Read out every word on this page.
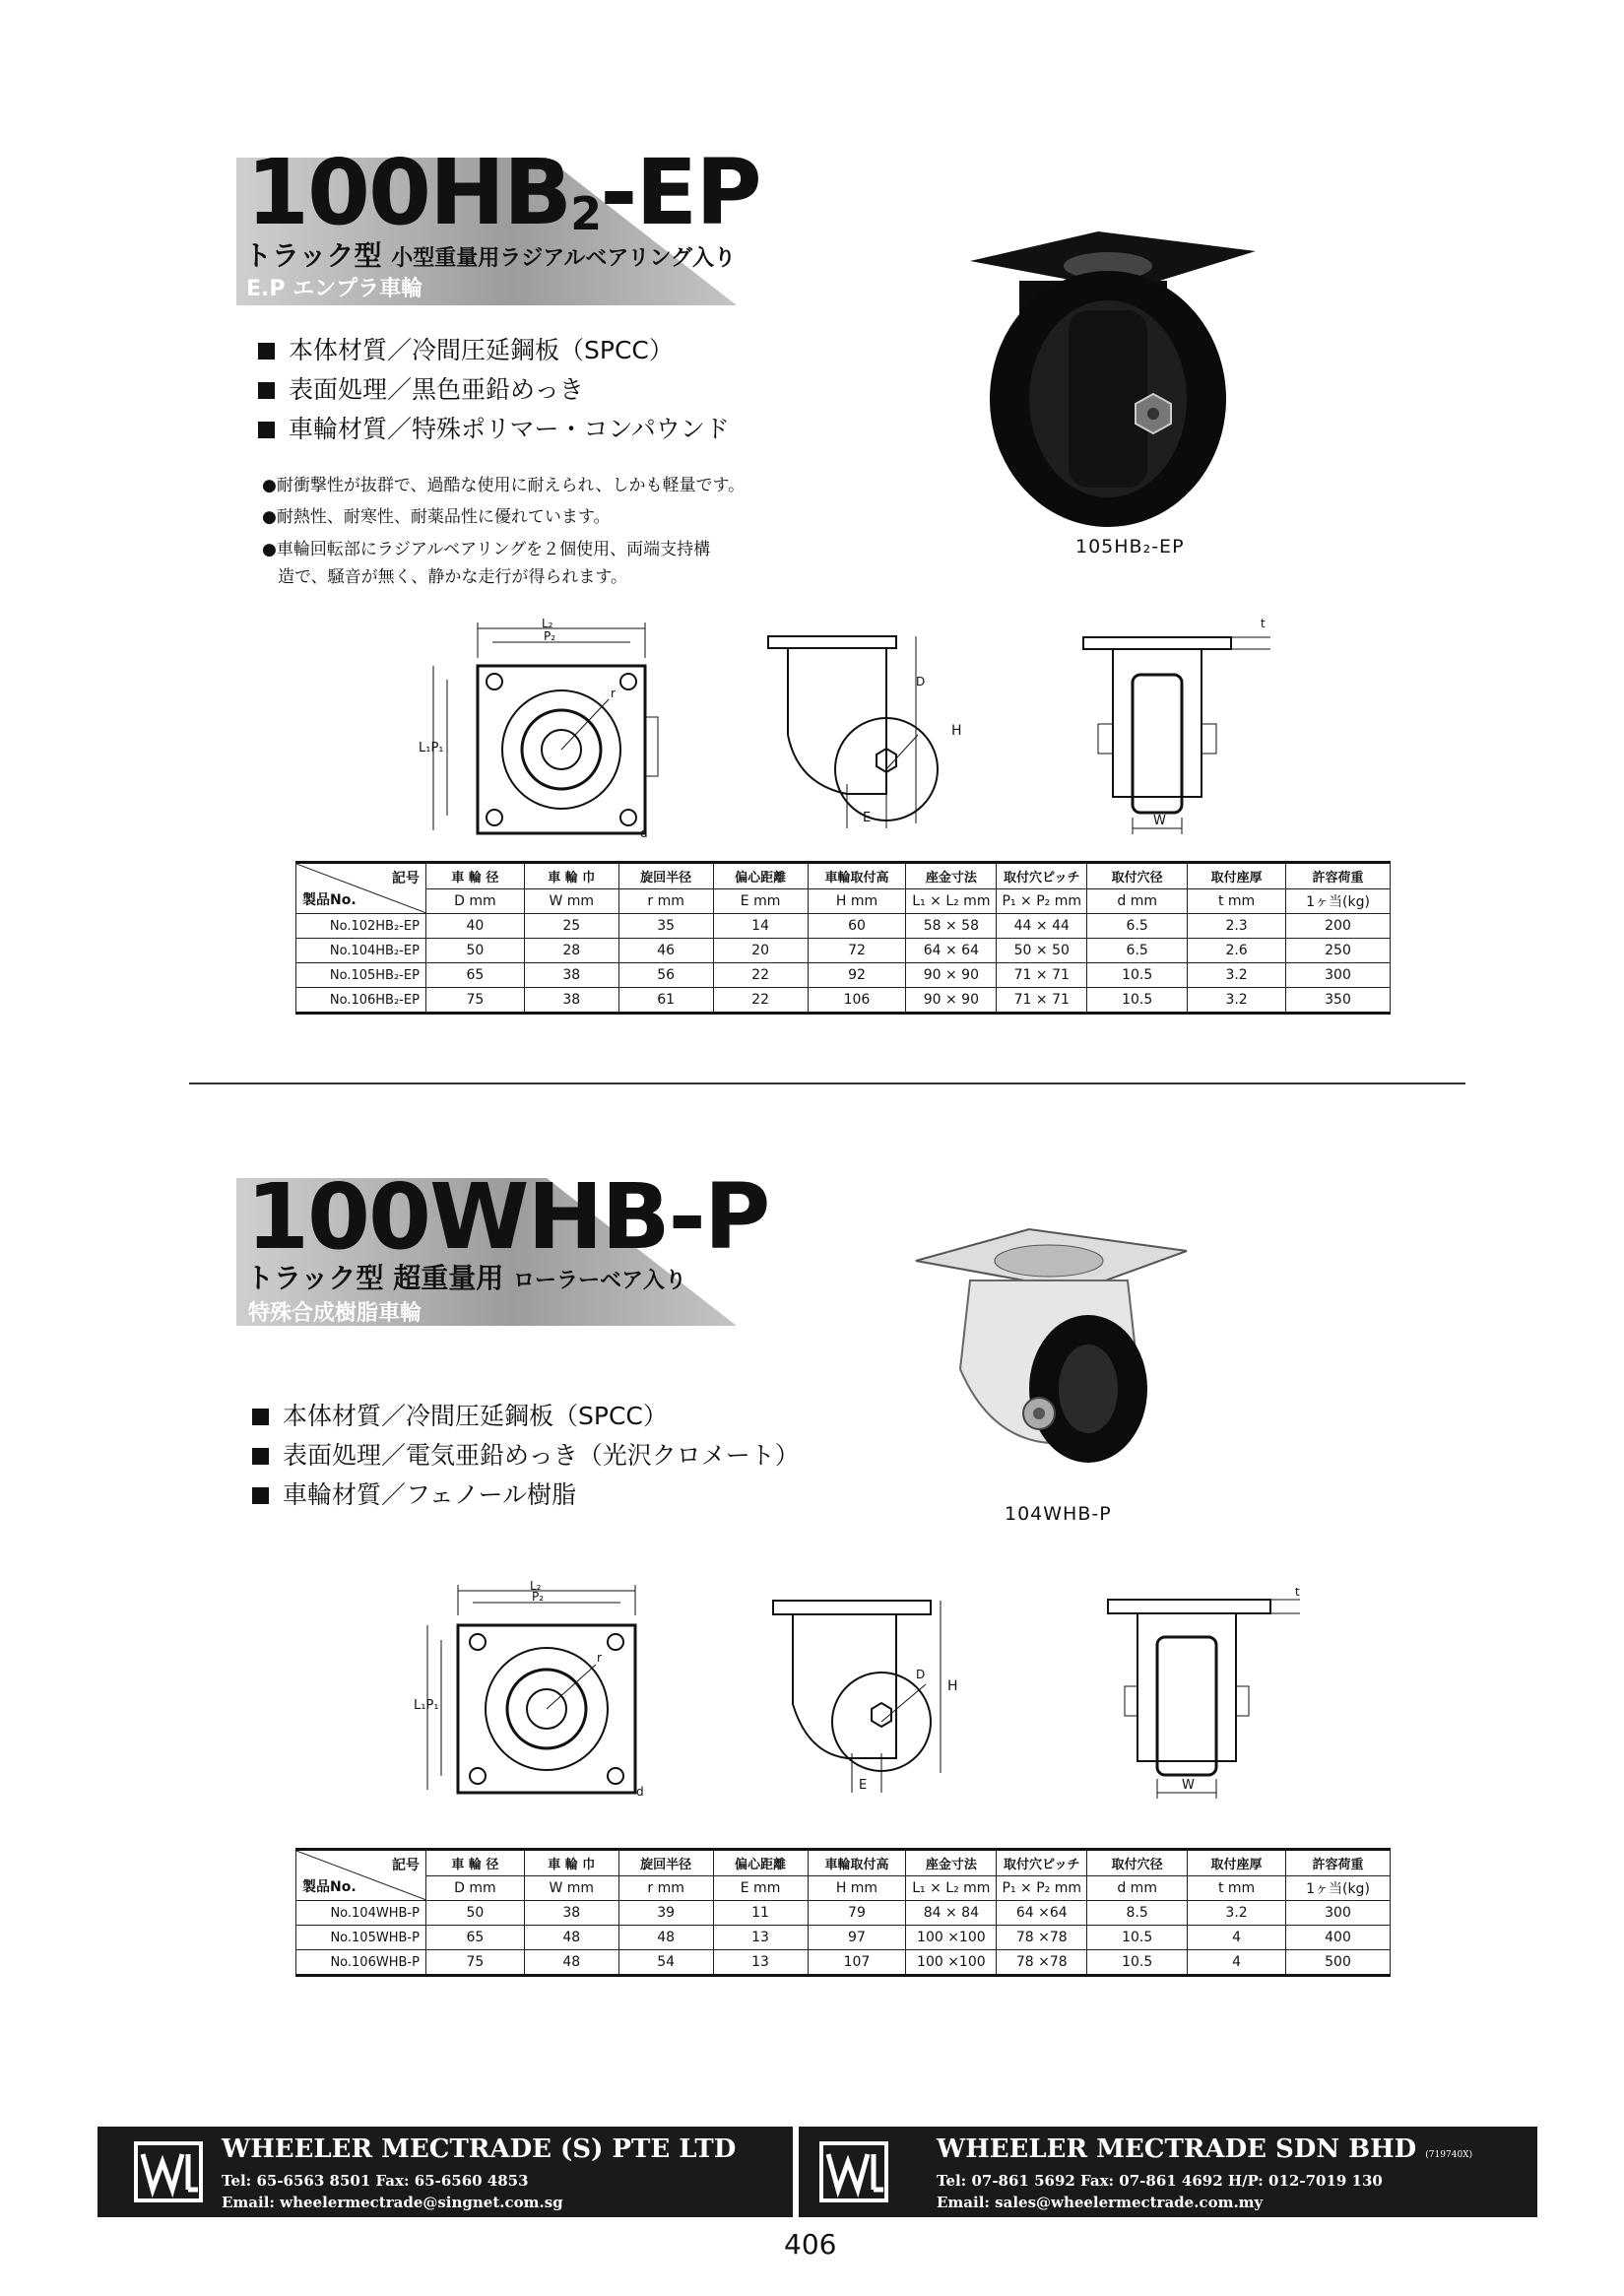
$100HB_2-EP$
トラック型 小型重量用ラジアルベアリング入り
E.P エンプラ車輪
本体材質／冷間圧延鋼板（SPCC）
表面処理／黒色亜鉛めっき
車輪材質／特殊ポリマー・コンパウンド
●耐衝撃性が抜群で、過酷な使用に耐えられ、しかも軽量です。
●耐熱性、耐寒性、耐薬品性に優れています。
●車輪回転部にラジアルベアリングを２個使用、両端支持構
造で、騒音が無く、静かな走行が得られます。
105HB₂-EP
L₂
P₂
L₁P₁
r
d
H
D
E
t
W
記号
製品No.	車 輪 径	車 輪 巾	旋回半径	偏心距離	車輪取付高	座金寸法	取付穴ピッチ	取付穴径	取付座厚	許容荷重
	D mm	W mm	r mm	E mm	H mm	L₁ × L₂ mm	P₁ × P₂ mm	d mm	t mm	1ヶ当(kg)
No.102HB₂-EP	40	25	35	14	60	58 × 58	44 × 44	6.5	2.3	200
No.104HB₂-EP	50	28	46	20	72	64 × 64	50 × 50	6.5	2.6	250
No.105HB₂-EP	65	38	56	22	92	90 × 90	71 × 71	10.5	3.2	300
No.106HB₂-EP	75	38	61	22	106	90 × 90	71 × 71	10.5	3.2	350
100WHB-P
トラック型 超重量用 ローラーベア入り
特殊合成樹脂車輪
本体材質／冷間圧延鋼板（SPCC）
表面処理／電気亜鉛めっき（光沢クロメート）
車輪材質／フェノール樹脂
104WHB-P
L₂
P₂
L₁P₁
r
d
H
D
E
t
W
記号
製品No.	車 輪 径	車 輪 巾	旋回半径	偏心距離	車輪取付高	座金寸法	取付穴ピッチ	取付穴径	取付座厚	許容荷重
	D mm	W mm	r mm	E mm	H mm	L₁ × L₂ mm	P₁ × P₂ mm	d mm	t mm	1ヶ当(kg)
No.104WHB-P	50	38	39	11	79	84 × 84	64 ×64	8.5	3.2	300
No.105WHB-P	65	48	48	13	97	100 ×100	78 ×78	10.5	4	400
No.106WHB-P	75	48	54	13	107	100 ×100	78 ×78	10.5	4	500
WHEELER MECTRADE (S) PTE LTD
Tel: 65-6563 8501 Fax: 65-6560 4853
Email: wheelermectrade@singnet.com.sg
WHEELER MECTRADE SDN BHD (719740X)
Tel: 07-861 5692 Fax: 07-861 4692 H/P: 012-7019 130
Email: sales@wheelermectrade.com.my
406
